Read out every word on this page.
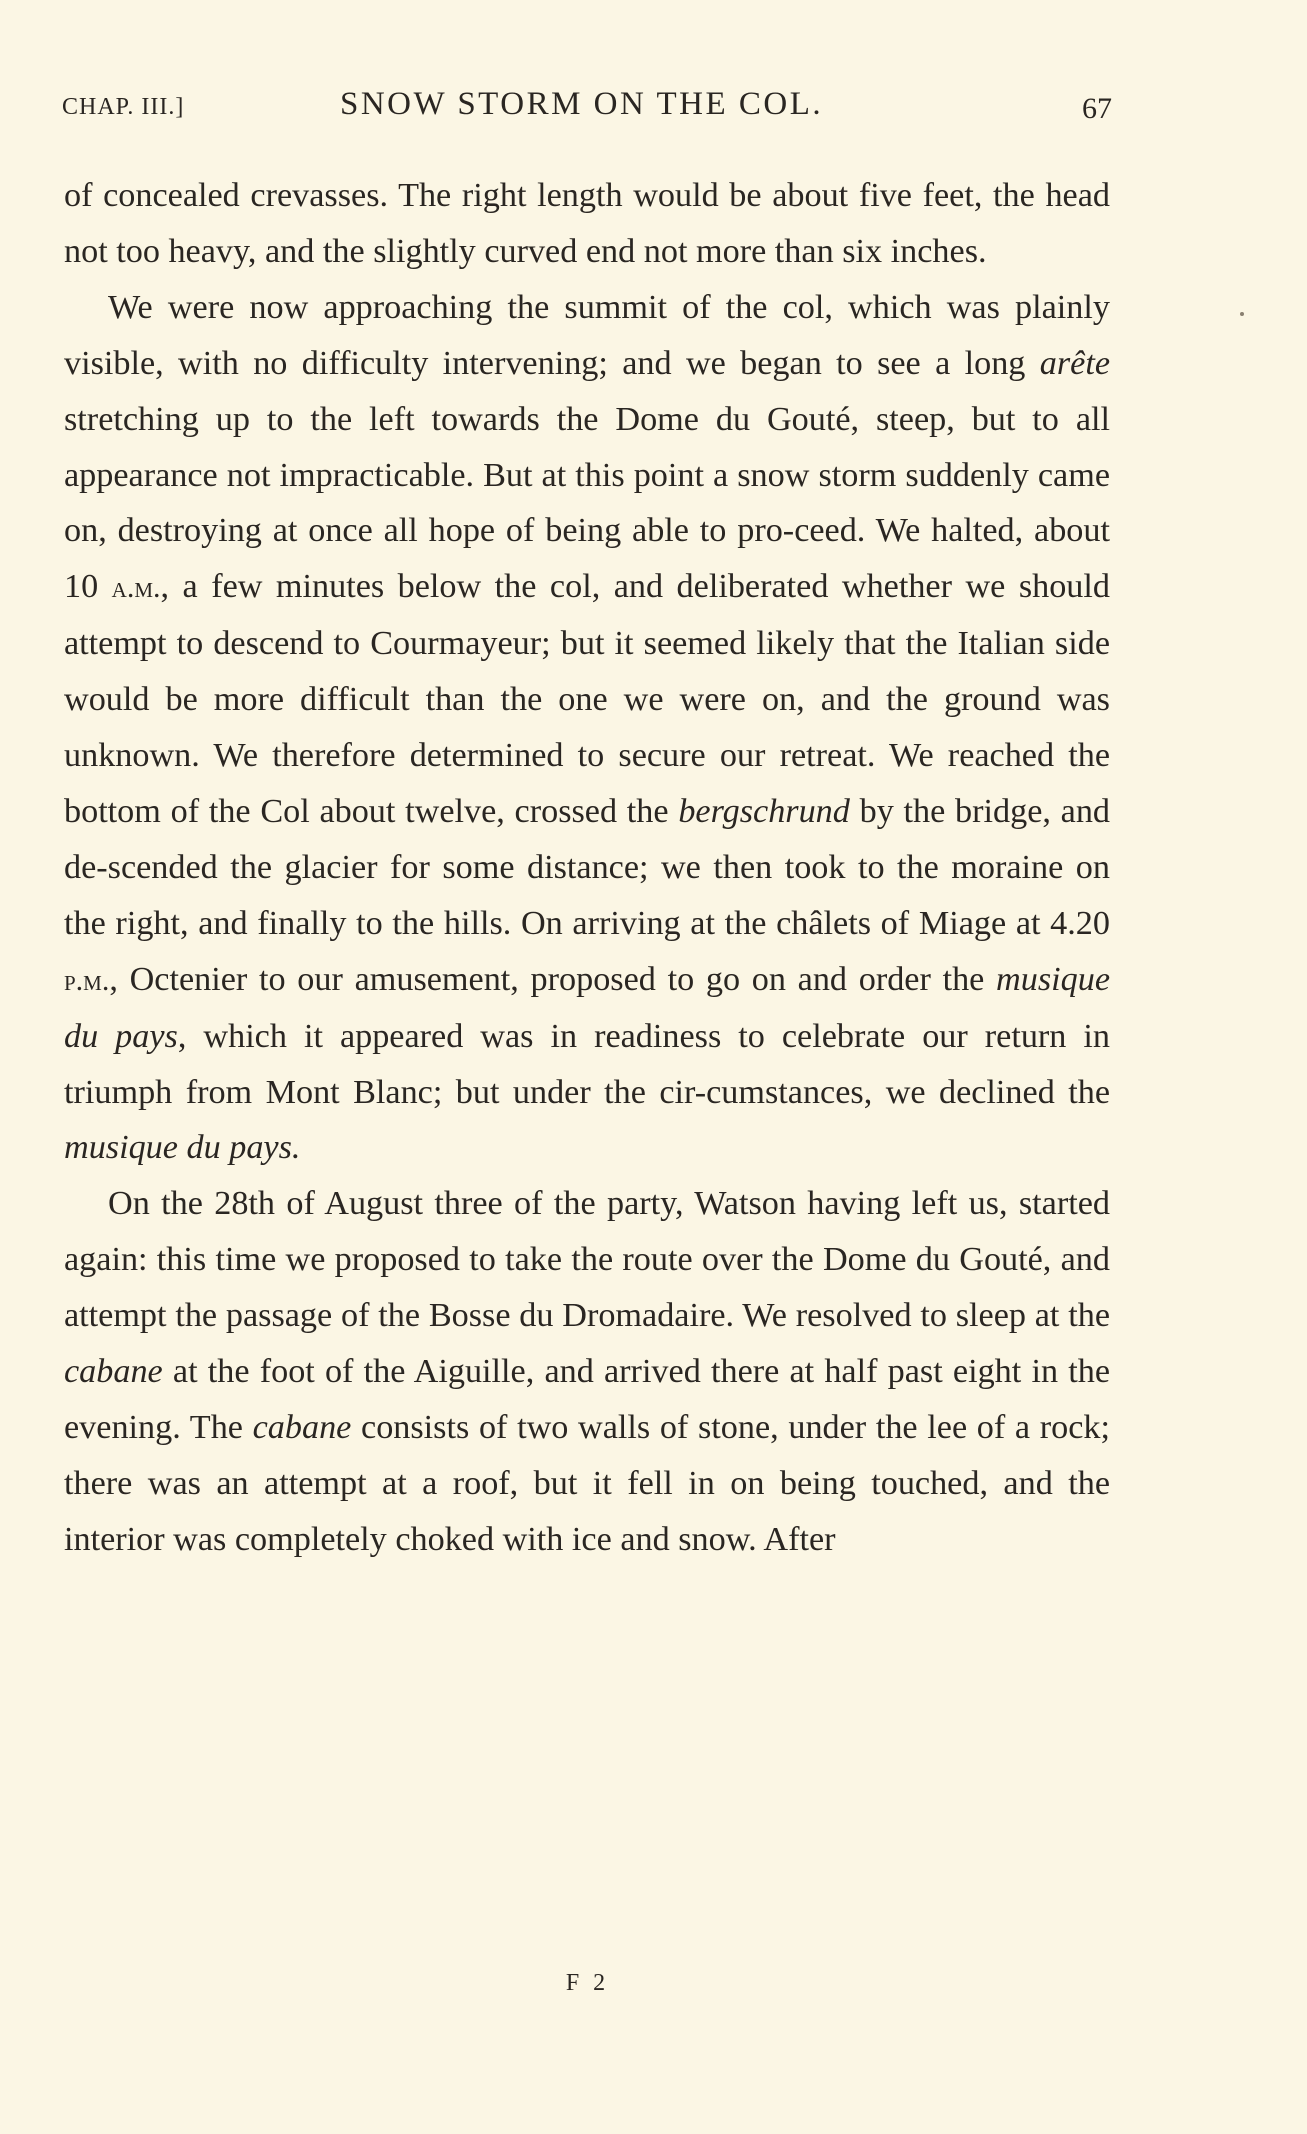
CHAP. III.]	SNOW STORM ON THE COL.	67

of concealed crevasses. The right length would be about five feet, the head not too heavy, and the slightly curved end not more than six inches.

We were now approaching the summit of the col, which was plainly visible, with no difficulty intervening; and we began to see a long arête stretching up to the left towards the Dome du Gouté, steep, but to all appearance not impracticable. But at this point a snow storm suddenly came on, destroying at once all hope of being able to pro-ceed. We halted, about 10 a.m., a few minutes below the col, and deliberated whether we should attempt to descend to Courmayeur; but it seemed likely that the Italian side would be more difficult than the one we were on, and the ground was unknown. We therefore determined to secure our retreat. We reached the bottom of the Col about twelve, crossed the bergschrund by the bridge, and de-scended the glacier for some distance; we then took to the moraine on the right, and finally to the hills. On arriving at the châlets of Miage at 4.20 p.m., Octenier to our amusement, proposed to go on and order the musique du pays, which it appeared was in readiness to celebrate our return in triumph from Mont Blanc; but under the cir-cumstances, we declined the musique du pays.

On the 28th of August three of the party, Watson having left us, started again: this time we proposed to take the route over the Dome du Gouté, and attempt the passage of the Bosse du Dromadaire. We resolved to sleep at the cabane at the foot of the Aiguille, and arrived there at half past eight in the evening. The cabane consists of two walls of stone, under the lee of a rock; there was an attempt at a roof, but it fell in on being touched, and the interior was completely choked with ice and snow. After

F 2
